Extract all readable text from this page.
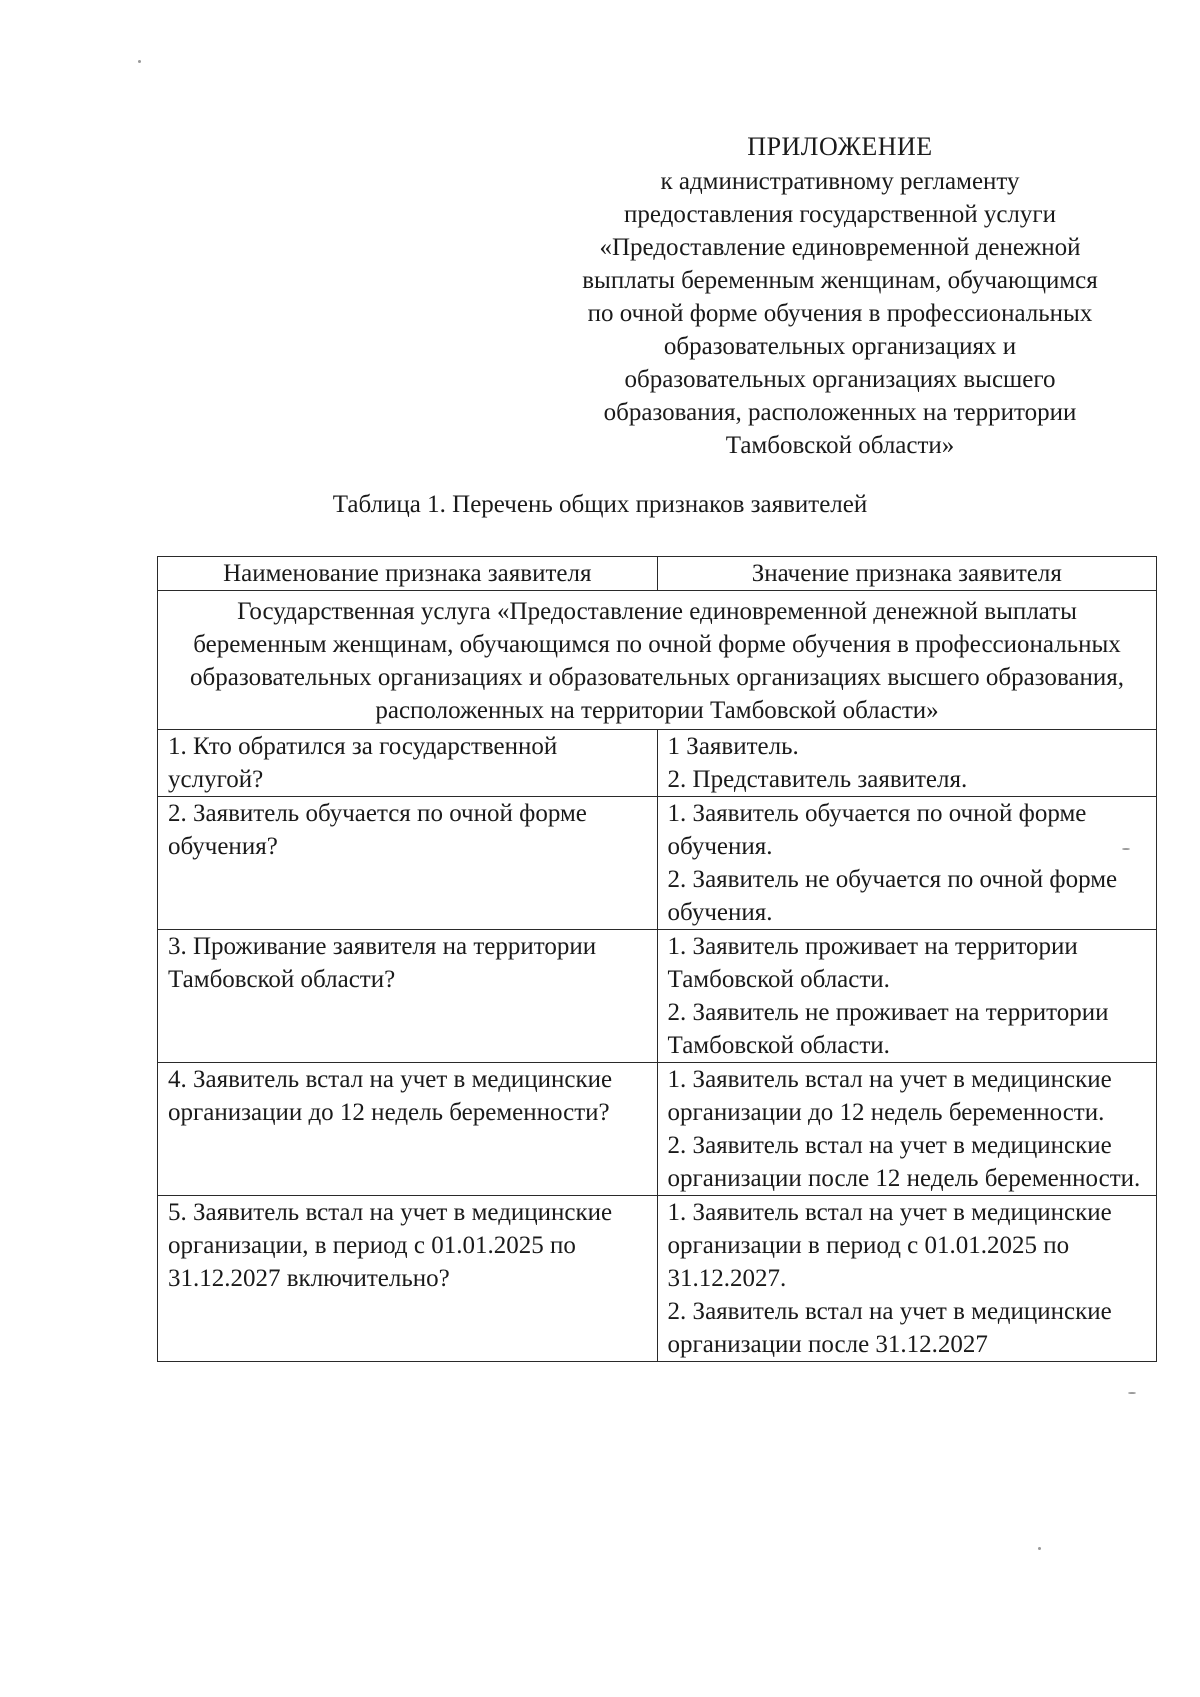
ПРИЛОЖЕНИЕ
к административному регламенту
предоставления государственной услуги
«Предоставление единовременной денежной
выплаты беременным женщинам, обучающимся
по очной форме обучения в профессиональных
образовательных организациях и
образовательных организациях высшего
образования, расположенных на территории
Тамбовской области»
Таблица 1. Перечень общих признаков заявителей
Наименование признака заявителя	Значение признака заявителя
Государственная услуга «Предоставление единовременной денежной выплаты беременным женщинам, обучающимся по очной форме обучения в профессиональных образовательных организациях и образовательных организациях высшего образования, расположенных на территории Тамбовской области»	
1. Кто обратился за государственной услугой?	1 Заявитель.
2. Представитель заявителя.

2. Заявитель обучается по очной форме обучения?	1. Заявитель обучается по очной форме обучения.
2. Заявитель не обучается по очной форме обучения.

3. Проживание заявителя на территории Тамбовской области?	1. Заявитель проживает на территории Тамбовской области.
2. Заявитель не проживает на территории Тамбовской области.

4. Заявитель встал на учет в медицинские организации до 12 недель беременности?	1. Заявитель встал на учет в медицинские организации до 12 недель беременности.
2. Заявитель встал на учет в медицинские организации после 12 недель беременности.

5. Заявитель встал на учет в медицинские организации, в период с 01.01.2025 по 31.12.2027 включительно?	1. Заявитель встал на учет в медицинские организации в период с 01.01.2025 по 31.12.2027.
2. Заявитель встал на учет в медицинские организации после 31.12.2027
